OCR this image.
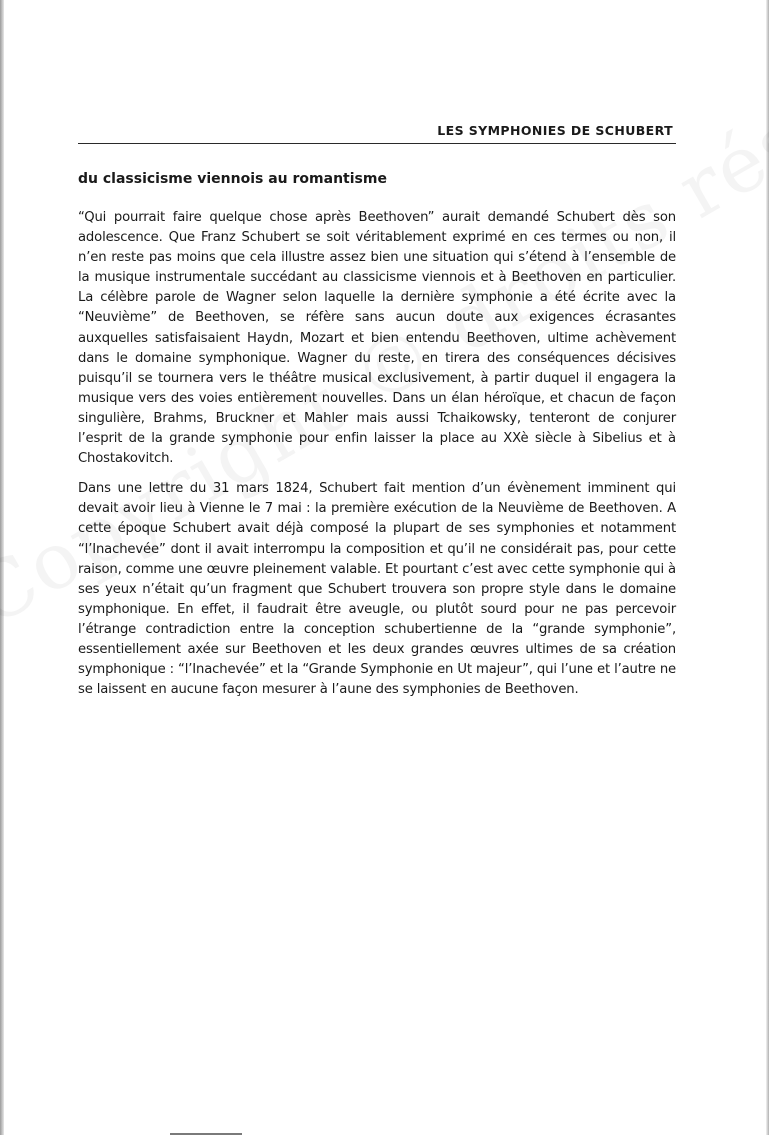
LES SYMPHONIES DE SCHUBERT
du classicisme viennois au romantisme

“Qui pourrait faire quelque chose après Beethoven” aurait demandé Schubert dès son adolescence. Que Franz Schubert se soit véritablement exprimé en ces termes ou non, il n’en reste pas moins que cela illustre assez bien une situation qui s’étend à l’ensemble de la musique instrumentale succédant au classicisme viennois et à Beethoven en particulier. La célèbre parole de Wagner selon laquelle la dernière symphonie a été écrite avec la “Neuvième” de Beethoven, se réfère sans aucun doute aux exigences écrasantes auxquelles satisfaisaient Haydn, Mozart et bien entendu Beethoven, ultime achèvement dans le domaine symphonique. Wagner du reste, en tirera des conséquences décisives puisqu’il se tournera vers le théâtre musical exclusivement, à partir duquel il engagera la musique vers des voies entièrement nouvelles. Dans un élan héroïque, et chacun de façon singulière, Brahms, Bruckner et Mahler mais aussi Tchaikowsky, tenteront de conjurer l’esprit de la grande symphonie pour enfin laisser la place au XXè siècle à Sibelius et à Chostakovitch.

Dans une lettre du 31 mars 1824, Schubert fait mention d’un évènement imminent qui devait avoir lieu à Vienne le 7 mai : la première exécution de la Neuvième de Beethoven. A cette époque Schubert avait déjà composé la plupart de ses symphonies et notamment “l’Inachevée” dont il avait interrompu la composition et qu’il ne considérait pas, pour cette raison, comme une œuvre pleinement valable. Et pourtant c’est avec cette symphonie qui à ses yeux n’était qu’un fragment que Schubert trouvera son propre style dans le domaine symphonique. En effet, il faudrait être aveugle, ou plutôt sourd pour ne pas percevoir l’étrange contradiction entre la conception schubertienne de la “grande symphonie”, essentiellement axée sur Beethoven et les deux grandes œuvres ultimes de sa création symphonique : “l’Inachevée” et la “Grande Symphonie en Ut majeur”, qui l’une et l’autre ne se laissent en aucune façon mesurer à l’aune des symphonies de Beethoven.
